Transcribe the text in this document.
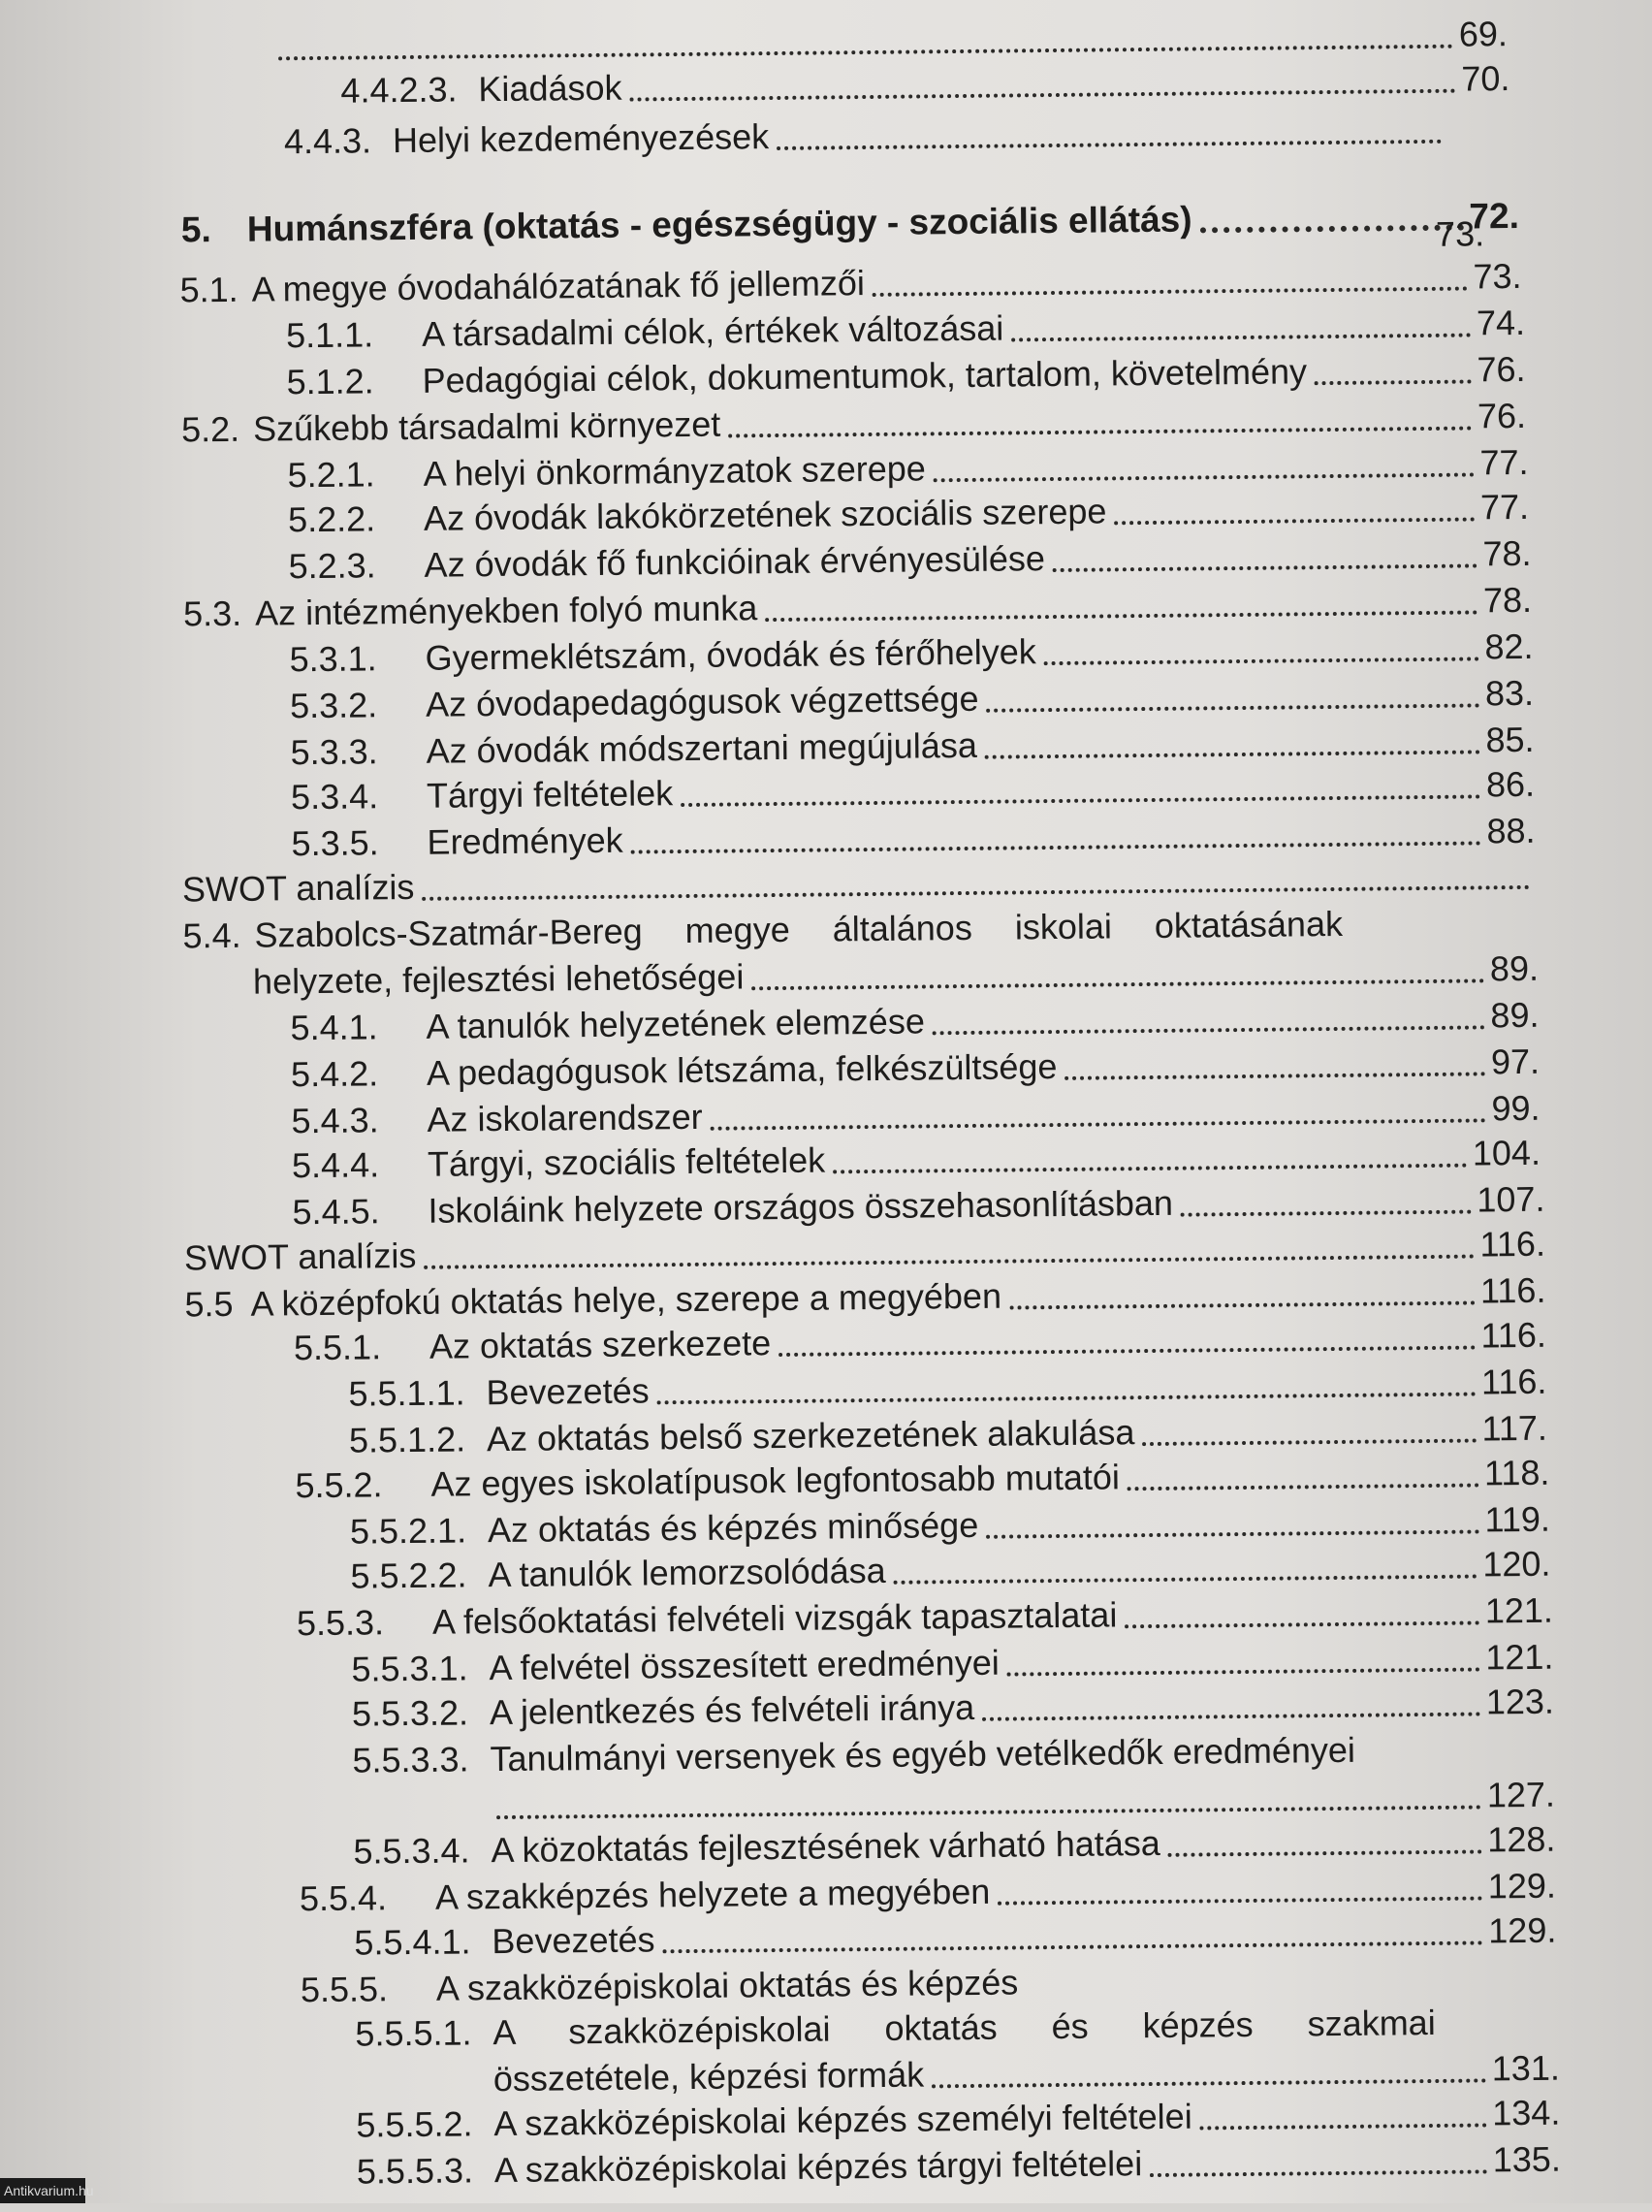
69.
4.4.2.3. Kiadások	70.
4.4.3. Helyi kezdeményezések
5. Humánszféra (oktatás - egészségügy - szociális ellátás)	72.
73.
5.1. A megye óvodahálózatának fő jellemzői	73.
5.1.1.	A társadalmi célok, értékek változásai	74.
5.1.2.	Pedagógiai célok, dokumentumok, tartalom, követelmény	76.
5.2. Szűkebb társadalmi környezet	76.
5.2.1.	A helyi önkormányzatok szerepe	77.
5.2.2.	Az óvodák lakókörzetének szociális szerepe	77.
5.2.3.	Az óvodák fő funkcióinak érvényesülése	78.
5.3. Az intézményekben folyó munka	78.
5.3.1.	Gyermeklétszám, óvodák és férőhelyek	82.
5.3.2.	Az óvodapedagógusok végzettsége	83.
5.3.3.	Az óvodák módszertani megújulása	85.
5.3.4.	Tárgyi feltételek	86.
5.3.5.	Eredmények	88.
SWOT analízis
5.4. Szabolcs-Szatmár-Bereg megye általános iskolai oktatásának
helyzete, fejlesztési lehetőségei	89.
5.4.1.	A tanulók helyzetének elemzése	89.
5.4.2.	A pedagógusok létszáma, felkészültsége	97.
5.4.3.	Az iskolarendszer	99.
5.4.4.	Tárgyi, szociális feltételek	104.
5.4.5.	Iskoláink helyzete országos összehasonlításban	107.
SWOT analízis	116.
5.5 A középfokú oktatás helye, szerepe a megyében	116.
5.5.1.	Az oktatás szerkezete	116.
5.5.1.1. Bevezetés	116.
5.5.1.2. Az oktatás belső szerkezetének alakulása	117.
5.5.2.	Az egyes iskolatípusok legfontosabb mutatói	118.
5.5.2.1. Az oktatás és képzés minősége	119.
5.5.2.2. A tanulók lemorzsolódása	120.
5.5.3.	A felsőoktatási felvételi vizsgák tapasztalatai	121.
5.5.3.1. A felvétel összesített eredményei	121.
5.5.3.2. A jelentkezés és felvételi iránya	123.
5.5.3.3. Tanulmányi versenyek és egyéb vetélkedők eredményei
127.
5.5.3.4. A közoktatás fejlesztésének várható hatása	128.
5.5.4.	A szakképzés helyzete a megyében	129.
5.5.4.1. Bevezetés	129.
5.5.5.	A szakközépiskolai oktatás és képzés
5.5.5.1. A szakközépiskolai oktatás és képzés szakmai
összetétele, képzési formák	131.
5.5.5.2. A szakközépiskolai képzés személyi feltételei	134.
5.5.5.3. A szakközépiskolai képzés tárgyi feltételei	135.
Antikvarium.hu
